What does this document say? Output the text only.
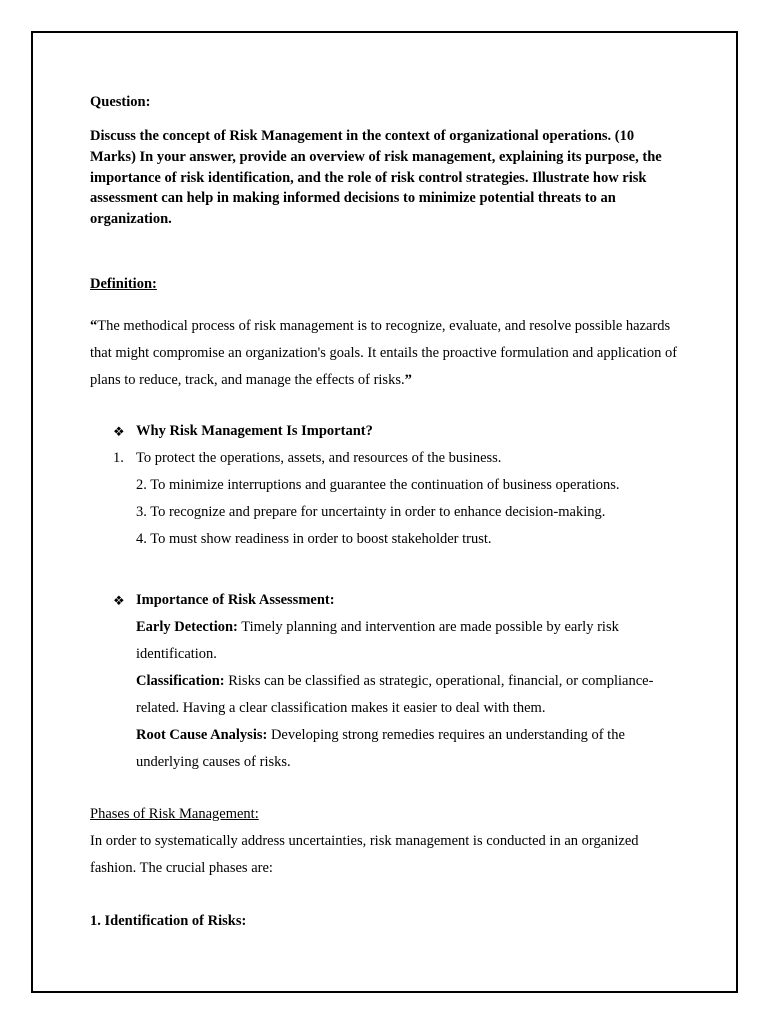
Question:
Discuss the concept of Risk Management in the context of organizational operations. (10 Marks) In your answer, provide an overview of risk management, explaining its purpose, the importance of risk identification, and the role of risk control strategies. Illustrate how risk assessment can help in making informed decisions to minimize potential threats to an organization.
Definition:
“The methodical process of risk management is to recognize, evaluate, and resolve possible hazards that might compromise an organization's goals. It entails the proactive formulation and application of plans to reduce, track, and manage the effects of risks.”
❖ Why Risk Management Is Important?
1. To protect the operations, assets, and resources of the business.
2. To minimize interruptions and guarantee the continuation of business operations.
3. To recognize and prepare for uncertainty in order to enhance decision-making.
4. To must show readiness in order to boost stakeholder trust.
❖ Importance of Risk Assessment:
Early Detection: Timely planning and intervention are made possible by early risk
identification.
Classification: Risks can be classified as strategic, operational, financial, or compliance-
related. Having a clear classification makes it easier to deal with them.
Root Cause Analysis: Developing strong remedies requires an understanding of the
underlying causes of risks.
Phases of Risk Management:
In order to systematically address uncertainties, risk management is conducted in an organized
fashion. The crucial phases are:
1. Identification of Risks:
